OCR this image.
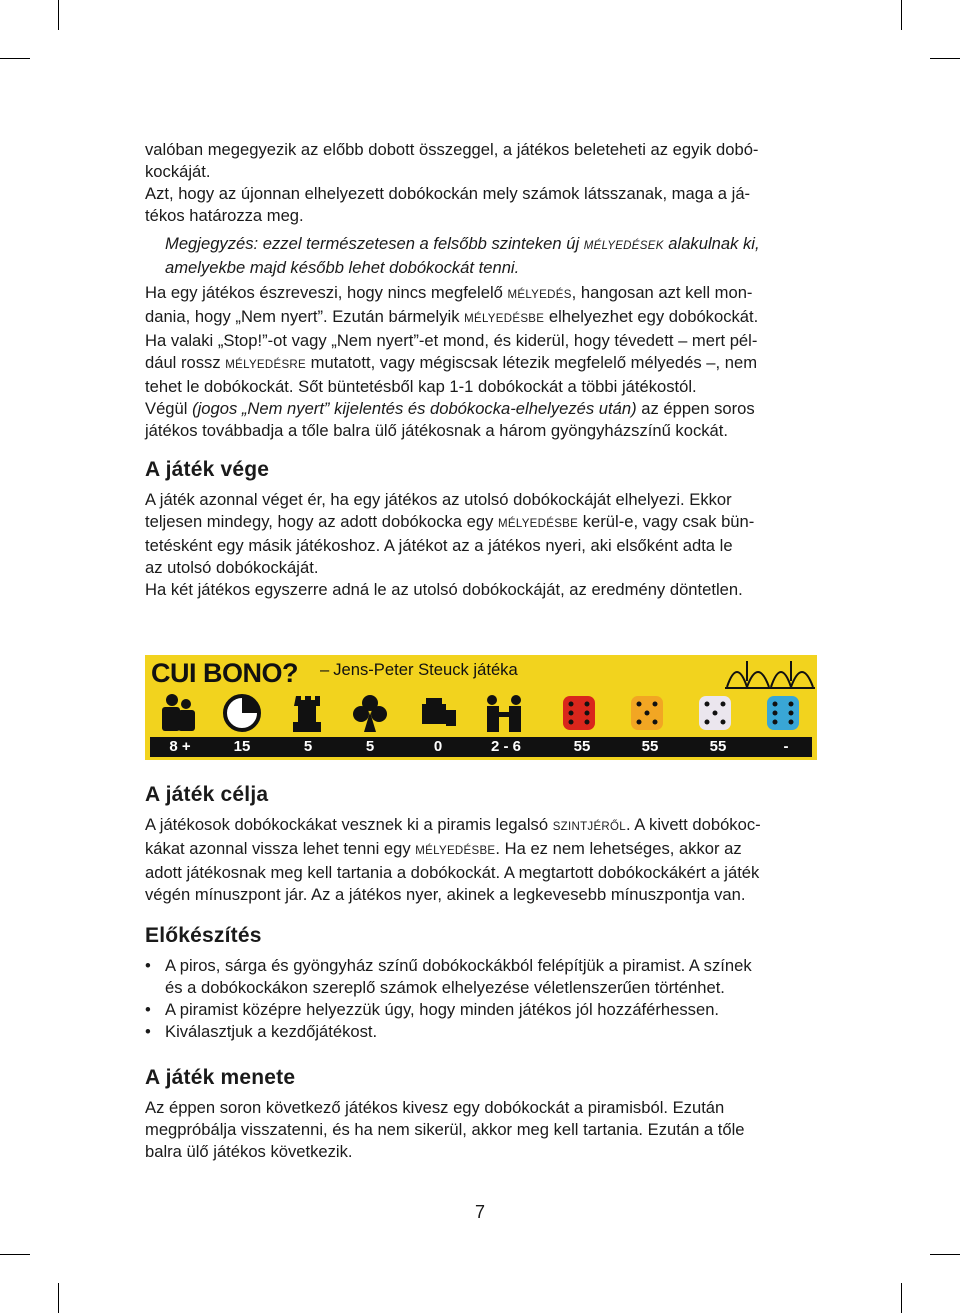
valóban megegyezik az előbb dobott összeggel, a játékos beleteheti az egyik dobó-
kockáját.
Azt, hogy az újonnan elhelyezett dobókockán mely számok látsszanak, maga a já-
tékos határozza meg.
Megjegyzés: ezzel természetesen a felsőbb szinteken új MÉLYEDÉSEK alakulnak ki,
amelyekbe majd később lehet dobókockát tenni.
Ha egy játékos észreveszi, hogy nincs megfelelő MÉLYEDÉS, hangosan azt kell mon-
dania, hogy „Nem nyert”. Ezután bármelyik MÉLYEDÉSBE elhelyezhet egy dobókockát.
Ha valaki „Stop!”-ot vagy „Nem nyert”-et mond, és kiderül, hogy tévedett – mert pél-
dául rossz MÉLYEDÉSRE mutatott, vagy mégiscsak létezik megfelelő mélyedés –, nem
tehet le dobókockát. Sőt büntetésből kap 1-1 dobókockát a többi játékostól.
Végül (jogos „Nem nyert” kijelentés és dobókocka-elhelyezés után) az éppen soros
játékos továbbadja a tőle balra ülő játékosnak a három gyöngyházszínű kockát.
A játék vége
A játék azonnal véget ér, ha egy játékos az utolsó dobókockáját elhelyezi. Ekkor
teljesen mindegy, hogy az adott dobókocka egy MÉLYEDÉSBE kerül-e, vagy csak bün-
tetésként egy másik játékoshoz. A játékot az a játékos nyeri, aki elsőként adta le
az utolsó dobókockáját.
Ha két játékos egyszerre adná le az utolsó dobókockáját, az eredmény döntetlen.
CUI BONO? – Jens-Peter Steuck játéka
8 +	15	5	5	0	2 - 6	55	55	55	-
A játék célja
A játékosok dobókockákat vesznek ki a piramis legalsó SZINTJÉRŐL. A kivett dobókoc-
kákat azonnal vissza lehet tenni egy MÉLYEDÉSBE. Ha ez nem lehetséges, akkor az
adott játékosnak meg kell tartania a dobókockát. A megtartott dobókockákért a játék
végén mínuszpont jár. Az a játékos nyer, akinek a legkevesebb mínuszpontja van.
Előkészítés
• A piros, sárga és gyöngyház színű dobókockákból felépítjük a piramist. A színek
és a dobókockákon szereplő számok elhelyezése véletlenszerűen történhet.
• A piramist középre helyezzük úgy, hogy minden játékos jól hozzáférhessen.
• Kiválasztjuk a kezdőjátékost.
A játék menete
Az éppen soron következő játékos kivesz egy dobókockát a piramisból. Ezután
megpróbálja visszatenni, és ha nem sikerül, akkor meg kell tartania. Ezután a tőle
balra ülő játékos következik.
7
